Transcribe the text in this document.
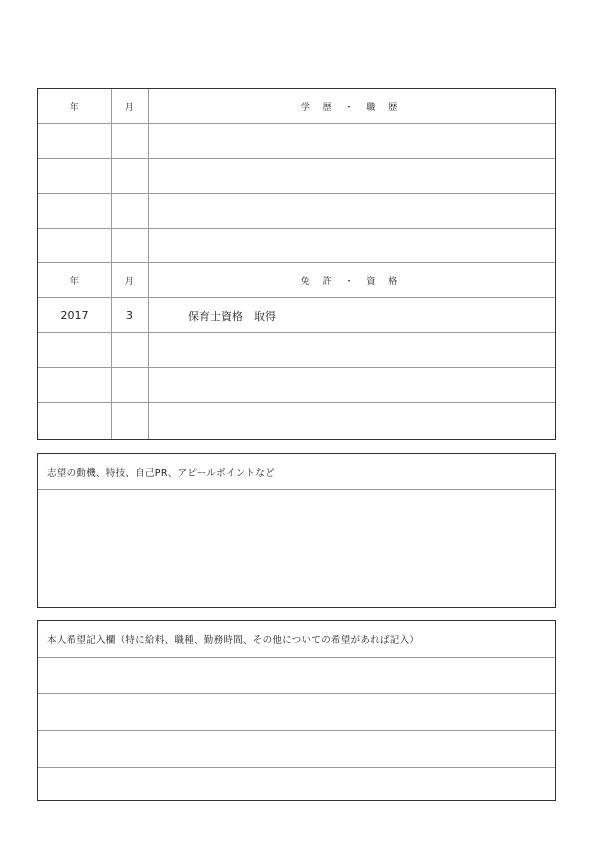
年	月	学 歴 ・ 職 歴
年	月	免 許 ・ 資 格
2017	3	保育士資格　取得
志望の動機、特技、自己PR、アピールポイントなど
本人希望記入欄（特に給料、職種、勤務時間、その他についての希望があれば記入）
